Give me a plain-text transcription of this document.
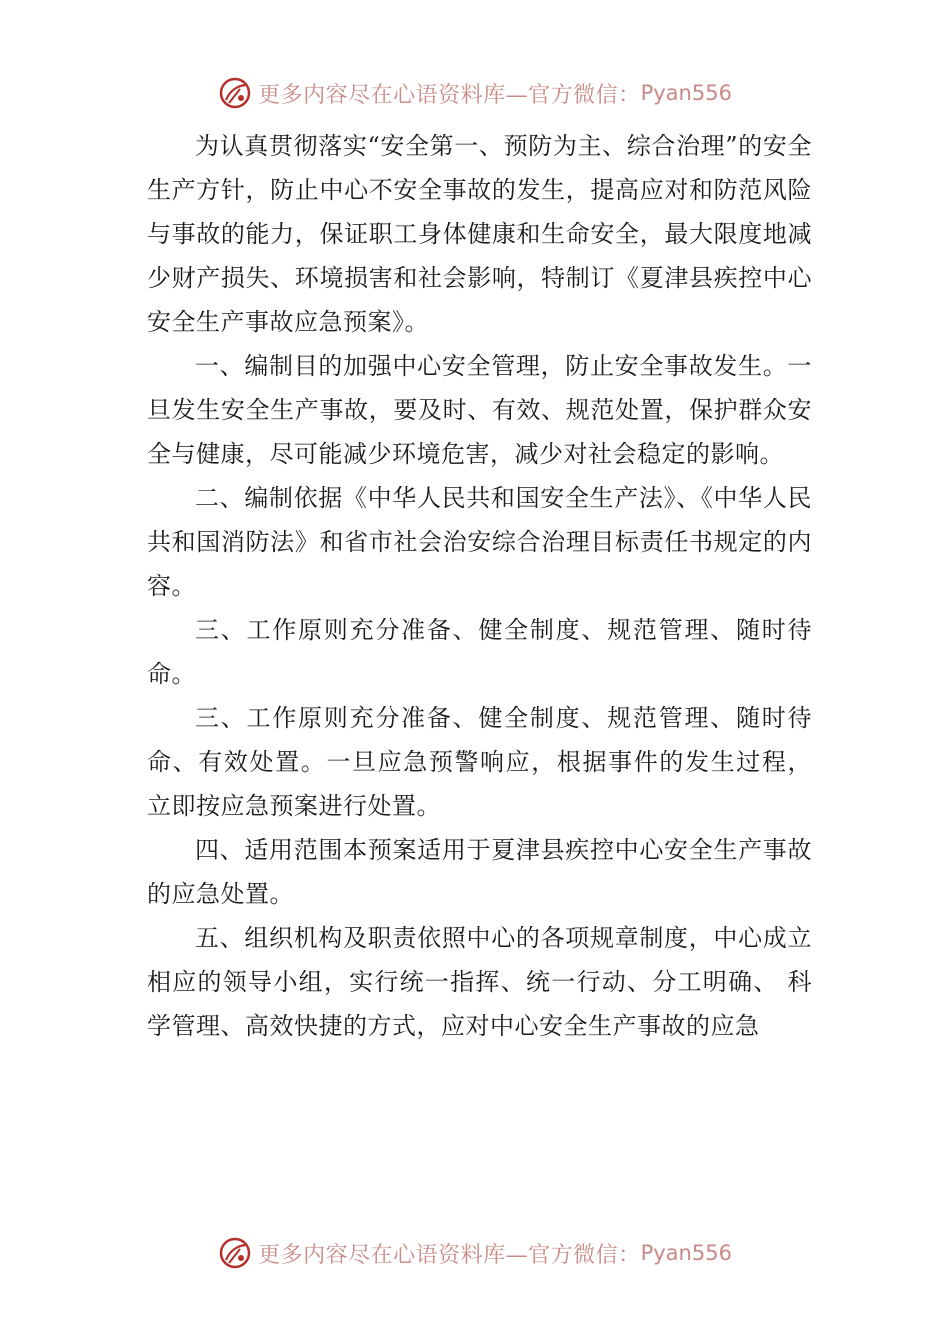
更多内容尽在心语资料库—官方微信： Pyan556

为认真贯彻落实“安全第一、预防为主、综合治理”的安全生产方针，防止中心不安全事故的发生，提高应对和防范风险与事故的能力，保证职工身体健康和生命安全，最大限度地减少财产损失、环境损害和社会影响，特制订《夏津县疾控中心安全生产事故应急预案》。

一、编制目的加强中心安全管理，防止安全事故发生。一旦发生安全生产事故，要及时、有效、规范处置，保护群众安全与健康，尽可能减少环境危害，减少对社会稳定的影响。

二、编制依据《中华人民共和国安全生产法》、《中华人民共和国消防法》和省市社会治安综合治理目标责任书规定的内容。

三、工作原则充分准备、健全制度、规范管理、随时待命。

三、工作原则充分准备、健全制度、规范管理、随时待命、有效处置。一旦应急预警响应，根据事件的发生过程， 立即按应急预案进行处置。

四、适用范围本预案适用于夏津县疾控中心安全生产事故的应急处置。

五、组织机构及职责依照中心的各项规章制度，中心成立相应的领导小组，实行统一指挥、统一行动、分工明确、 科学管理、高效快捷的方式，应对中心安全生产事故的应急

更多内容尽在心语资料库—官方微信： Pyan556
